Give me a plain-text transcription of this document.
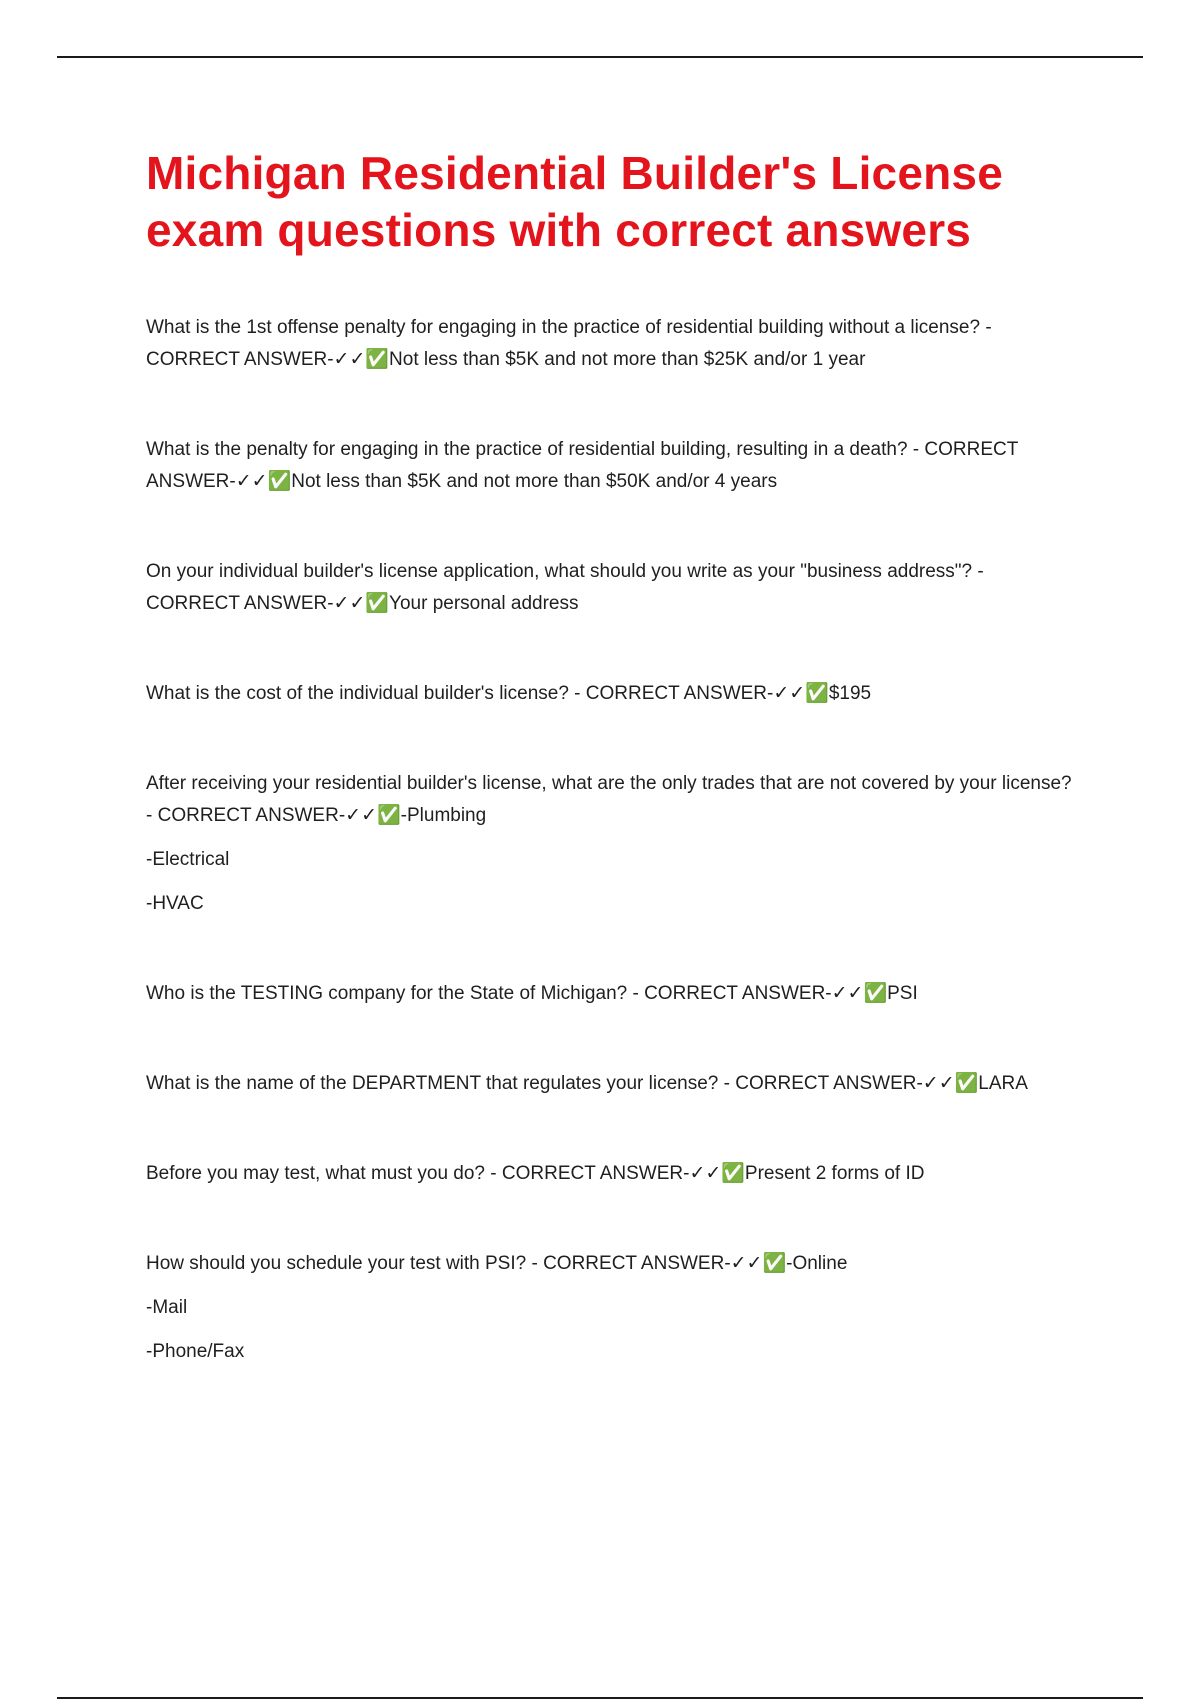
Michigan Residential Builder's License exam questions with correct answers

What is the 1st offense penalty for engaging in the practice of residential building without a license? - CORRECT ANSWER-✓✓✅Not less than $5K and not more than $25K and/or 1 year

What is the penalty for engaging in the practice of residential building, resulting in a death? - CORRECT ANSWER-✓✓✅Not less than $5K and not more than $50K and/or 4 years

On your individual builder's license application, what should you write as your "business address"? - CORRECT ANSWER-✓✓✅Your personal address

What is the cost of the individual builder's license? - CORRECT ANSWER-✓✓✅$195

After receiving your residential builder's license, what are the only trades that are not covered by your license? - CORRECT ANSWER-✓✓✅-Plumbing

-Electrical

-HVAC

Who is the TESTING company for the State of Michigan? - CORRECT ANSWER-✓✓✅PSI

What is the name of the DEPARTMENT that regulates your license? - CORRECT ANSWER-✓✓✅LARA

Before you may test, what must you do? - CORRECT ANSWER-✓✓✅Present 2 forms of ID

How should you schedule your test with PSI? - CORRECT ANSWER-✓✓✅-Online

-Mail

-Phone/Fax
